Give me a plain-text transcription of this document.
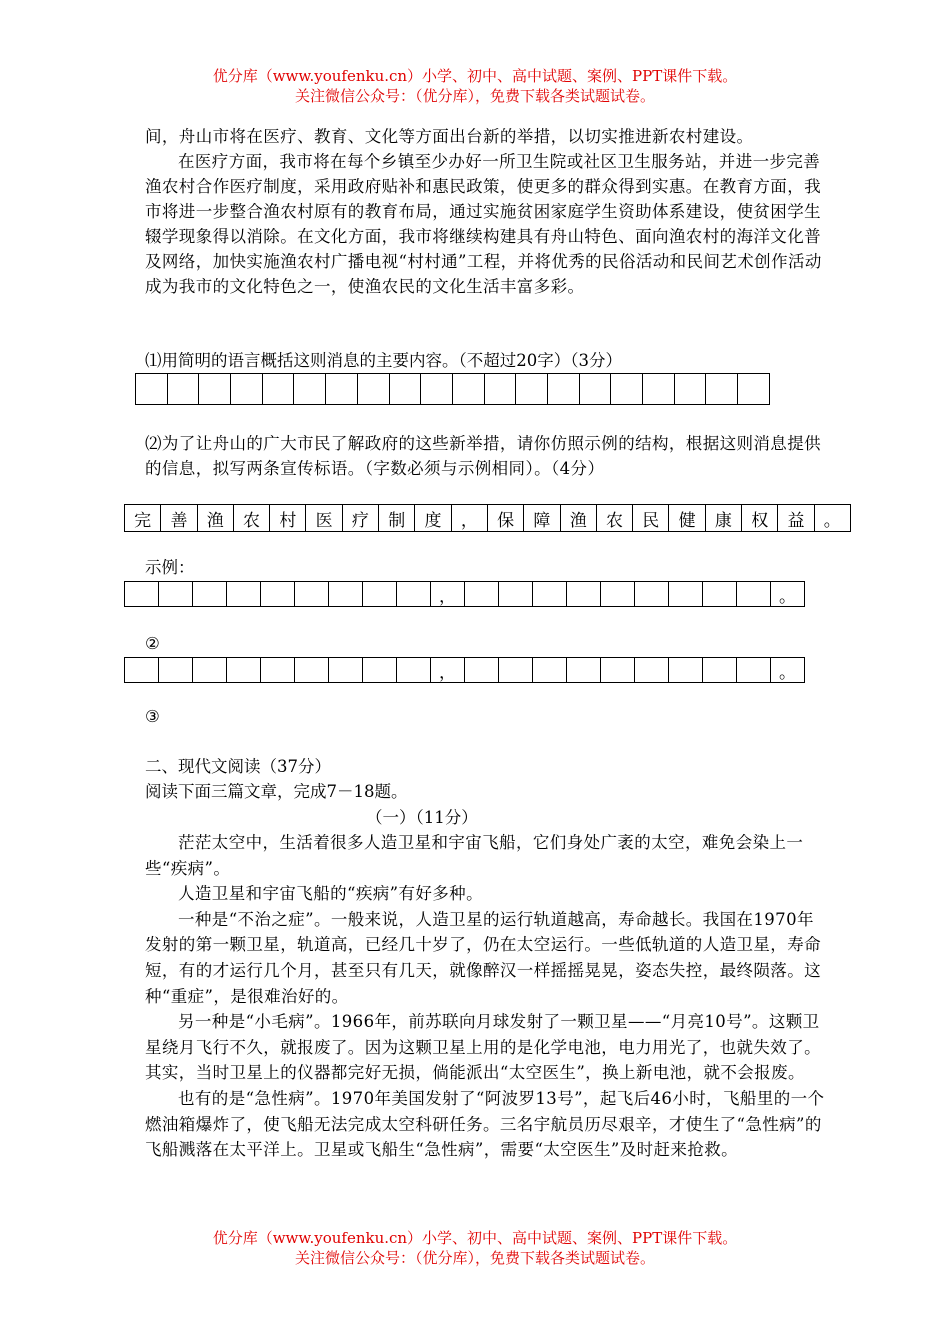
优分库（www.youfenku.cn）小学、初中、高中试题、案例、PPT课件下载。
关注微信公众号：（优分库），免费下载各类试题试卷。

间，舟山市将在医疗、教育、文化等方面出台新的举措，以切实推进新农村建设。

在医疗方面，我市将在每个乡镇至少办好一所卫生院或社区卫生服务站，并进一步完善渔农村合作医疗制度，采用政府贴补和惠民政策，使更多的群众得到实惠。在教育方面，我市将进一步整合渔农村原有的教育布局，通过实施贫困家庭学生资助体系建设，使贫困学生辍学现象得以消除。在文化方面，我市将继续构建具有舟山特色、面向渔农村的海洋文化普及网络，加快实施渔农村广播电视“村村通”工程，并将优秀的民俗活动和民间艺术创作活动成为我市的文化特色之一，使渔农民的文化生活丰富多彩。

⑴用简明的语言概括这则消息的主要内容。（不超过20字）（3分）

⑵为了让舟山的广大市民了解政府的这些新举措，请你仿照示例的结构，根据这则消息提供的信息，拟写两条宣传标语。（字数必须与示例相同）。（4分）

完	善	渔	农	村	医	疗	制	度	，	保	障	渔	农	民	健	康	权	益	。

示例：

，	。

②

，	。

③

二、现代文阅读（37分）

阅读下面三篇文章，完成7－18题。

（一）（11分）

茫茫太空中，生活着很多人造卫星和宇宙飞船，它们身处广袤的太空，难免会染上一些“疾病”。

人造卫星和宇宙飞船的“疾病”有好多种。

一种是“不治之症”。一般来说，人造卫星的运行轨道越高，寿命越长。我国在1970年发射的第一颗卫星，轨道高，已经几十岁了，仍在太空运行。一些低轨道的人造卫星，寿命短，有的才运行几个月，甚至只有几天，就像醉汉一样摇摇晃晃，姿态失控，最终陨落。这种“重症”，是很难治好的。

另一种是“小毛病”。1966年，前苏联向月球发射了一颗卫星——“月亮10号”。这颗卫星绕月飞行不久，就报废了。因为这颗卫星上用的是化学电池，电力用光了，也就失效了。其实，当时卫星上的仪器都完好无损，倘能派出“太空医生”，换上新电池，就不会报废。

也有的是“急性病”。1970年美国发射了“阿波罗13号”，起飞后46小时，飞船里的一个燃油箱爆炸了，使飞船无法完成太空科研任务。三名宇航员历尽艰辛，才使生了“急性病”的飞船溅落在太平洋上。卫星或飞船生“急性病”，需要“太空医生”及时赶来抢救。

优分库（www.youfenku.cn）小学、初中、高中试题、案例、PPT课件下载。
关注微信公众号：（优分库），免费下载各类试题试卷。
